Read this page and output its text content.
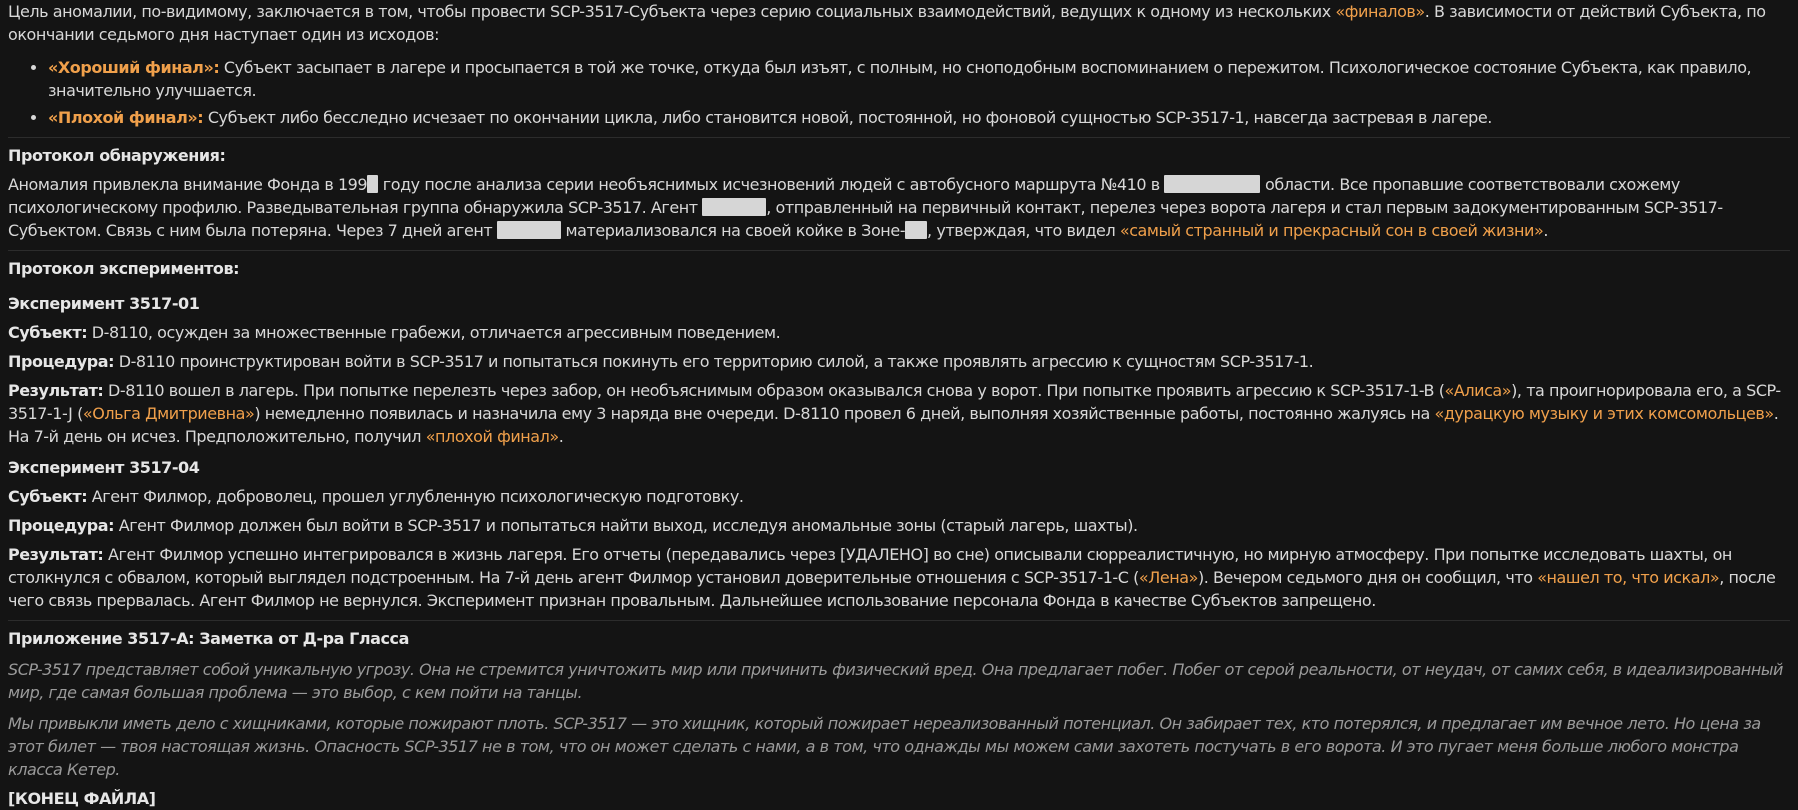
Цель аномалии, по-видимому, заключается в том, чтобы провести SCP-3517-Субъекта через серию социальных взаимодействий, ведущих к одному из нескольких «финалов». В зависимости от действий Субъекта, по окончании седьмого дня наступает один из исходов:

• «Хороший финал»: Субъект засыпает в лагере и просыпается в той же точке, откуда был изъят, с полным, но сноподобным воспоминанием о пережитом. Психологическое состояние Субъекта, как правило, значительно улучшается.
• «Плохой финал»: Субъект либо бесследно исчезает по окончании цикла, либо становится новой, постоянной, но фоновой сущностью SCP-3517-1, навсегда застревая в лагере.

Протокол обнаружения:

Аномалия привлекла внимание Фонда в 199 году после анализа серии необъяснимых исчезновений людей с автобусного маршрута №410 в	области. Все пропавшие соответствовали схожему психологическому профилю. Разведывательная группа обнаружила SCP-3517. Агент	, отправленный на первичный контакт, перелез через ворота лагеря и стал первым задокументированным SCP-3517-Субъектом. Связь с ним была потеряна. Через 7 дней агент	материализовался на своей койке в Зоне- , утверждая, что видел «самый странный и прекрасный сон в своей жизни».

Протокол экспериментов:

Эксперимент 3517-01

Субъект: D-8110, осужден за множественные грабежи, отличается агрессивным поведением.

Процедура: D-8110 проинструктирован войти в SCP-3517 и попытаться покинуть его территорию силой, а также проявлять агрессию к сущностям SCP-3517-1.

Результат: D-8110 вошел в лагерь. При попытке перелезть через забор, он необъяснимым образом оказывался снова у ворот. При попытке проявить агрессию к SCP-3517-1-B («Алиса»), та проигнорировала его, а SCP-3517-1-J («Ольга Дмитриевна») немедленно появилась и назначила ему 3 наряда вне очереди. D-8110 провел 6 дней, выполняя хозяйственные работы, постоянно жалуясь на «дурацкую музыку и этих комсомольцев». На 7-й день он исчез. Предположительно, получил «плохой финал».

Эксперимент 3517-04

Субъект: Агент Филмор, доброволец, прошел углубленную психологическую подготовку.

Процедура: Агент Филмор должен был войти в SCP-3517 и попытаться найти выход, исследуя аномальные зоны (старый лагерь, шахты).

Результат: Агент Филмор успешно интегрировался в жизнь лагеря. Его отчеты (передавались через [УДАЛЕНО] во сне) описывали сюрреалистичную, но мирную атмосферу. При попытке исследовать шахты, он столкнулся с обвалом, который выглядел подстроенным. На 7-й день агент Филмор установил доверительные отношения с SCP-3517-1-С («Лена»). Вечером седьмого дня он сообщил, что «нашел то, что искал», после чего связь прервалась. Агент Филмор не вернулся. Эксперимент признан провальным. Дальнейшее использование персонала Фонда в качестве Субъектов запрещено.

Приложение 3517-А: Заметка от Д-ра Гласса

SCP-3517 представляет собой уникальную угрозу. Она не стремится уничтожить мир или причинить физический вред. Она предлагает побег. Побег от серой реальности, от неудач, от самих себя, в идеализированный мир, где самая большая проблема — это выбор, с кем пойти на танцы.

Мы привыкли иметь дело с хищниками, которые пожирают плоть. SCP-3517 — это хищник, который пожирает нереализованный потенциал. Он забирает тех, кто потерялся, и предлагает им вечное лето. Но цена за этот билет — твоя настоящая жизнь. Опасность SCP-3517 не в том, что он может сделать с нами, а в том, что однажды мы можем сами захотеть постучать в его ворота. И это пугает меня больше любого монстра класса Кетер.

[КОНЕЦ ФАЙЛА]
